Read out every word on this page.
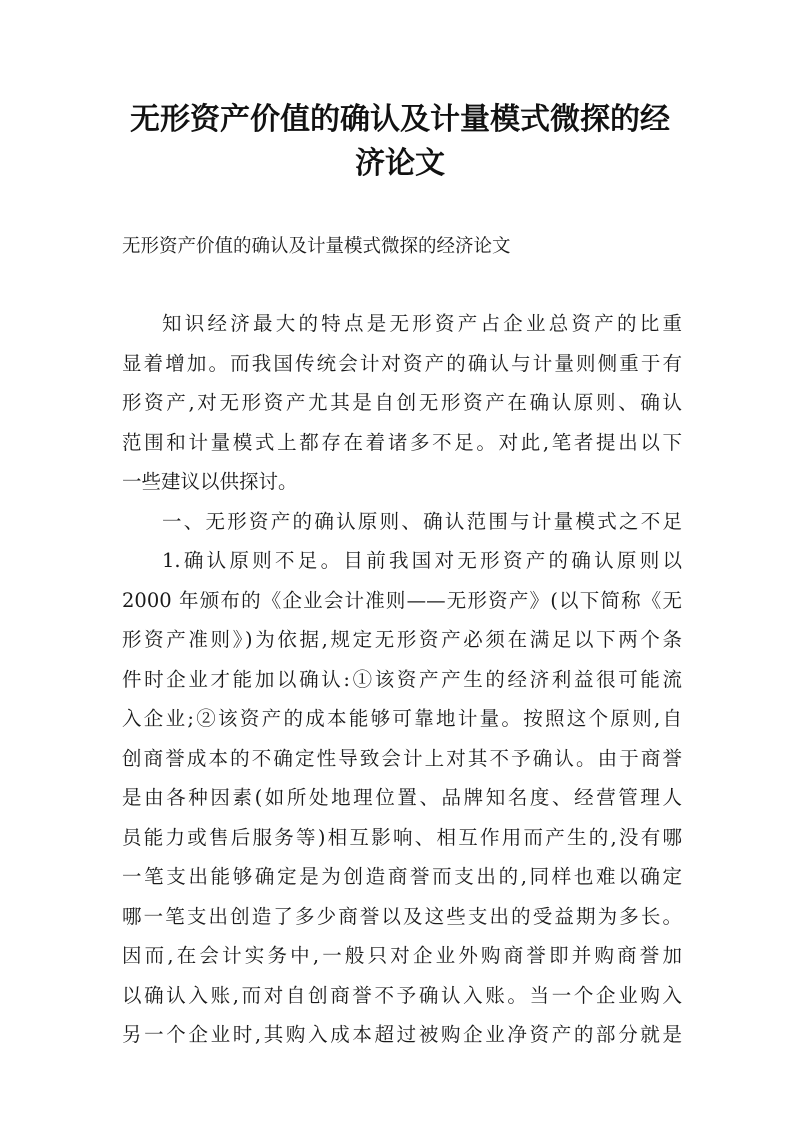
无形资产价值的确认及计量模式微探的经
济论文
无形资产价值的确认及计量模式微探的经济论文
知识经济最大的特点是无形资产占企业总资产的比重
显着增加。而我国传统会计对资产的确认与计量则侧重于有
形资产,对无形资产尤其是自创无形资产在确认原则、确认
范围和计量模式上都存在着诸多不足。对此,笔者提出以下
一些建议以供探讨。
一、无形资产的确认原则、确认范围与计量模式之不足
1.确认原则不足。目前我国对无形资产的确认原则以
2000 年颁布的《企业会计准则——无形资产》(以下简称《无
形资产准则》)为依据,规定无形资产必须在满足以下两个条
件时企业才能加以确认:①该资产产生的经济利益很可能流
入企业;②该资产的成本能够可靠地计量。按照这个原则,自
创商誉成本的不确定性导致会计上对其不予确认。由于商誉
是由各种因素(如所处地理位置、品牌知名度、经营管理人
员能力或售后服务等)相互影响、相互作用而产生的,没有哪
一笔支出能够确定是为创造商誉而支出的,同样也难以确定
哪一笔支出创造了多少商誉以及这些支出的受益期为多长。
因而,在会计实务中,一般只对企业外购商誉即并购商誉加
以确认入账,而对自创商誉不予确认入账。当一个企业购入
另一个企业时,其购入成本超过被购企业净资产的部分就是
